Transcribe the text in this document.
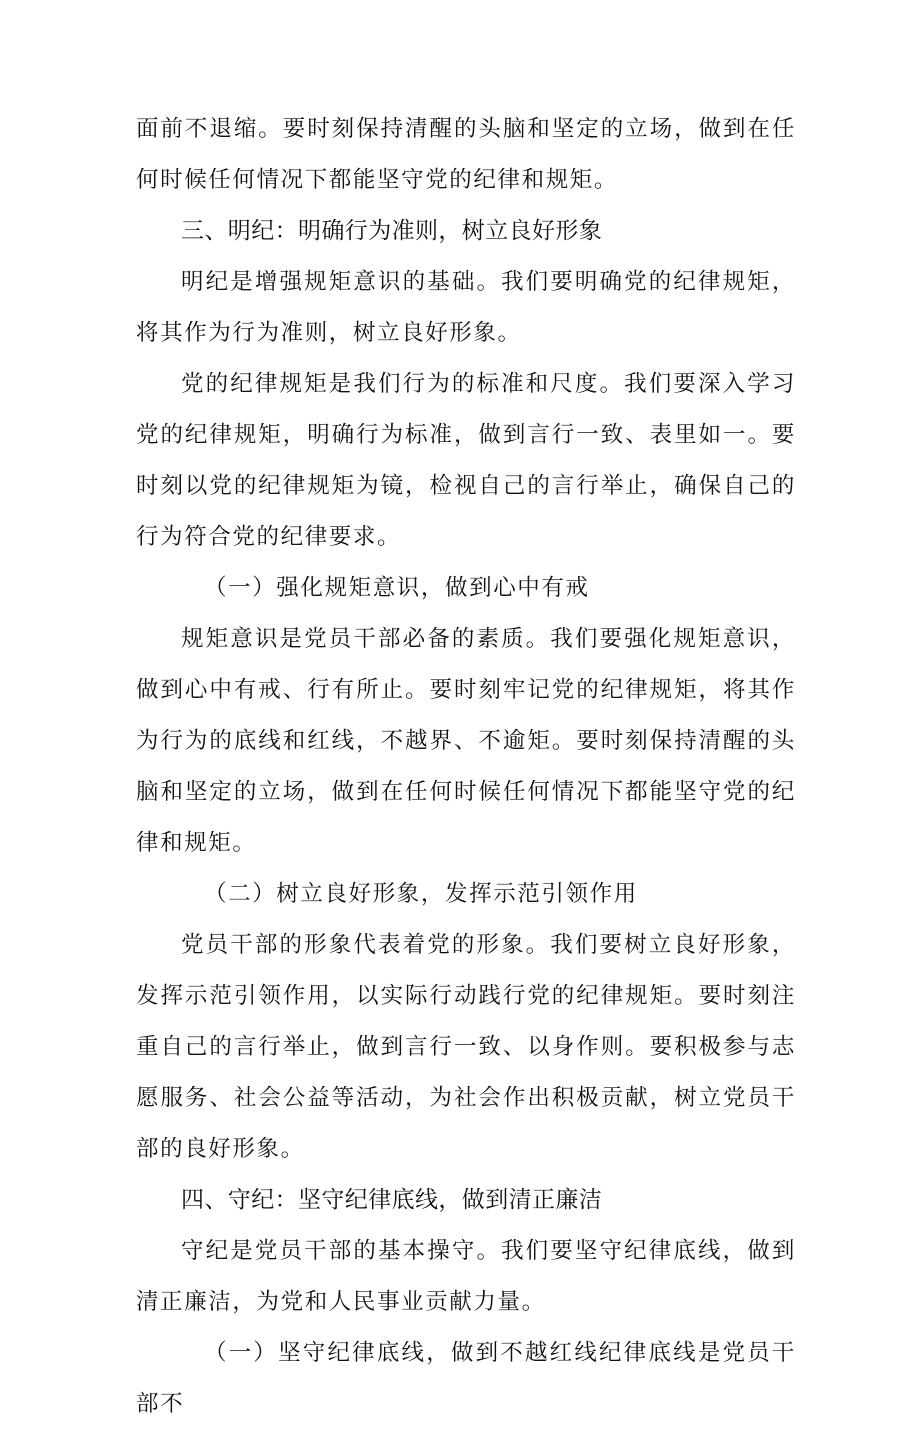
面前不退缩。要时刻保持清醒的头脑和坚定的立场，做到在任何时候任何情况下都能坚守党的纪律和规矩。

三、明纪：明确行为准则，树立良好形象

明纪是增强规矩意识的基础。我们要明确党的纪律规矩，将其作为行为准则，树立良好形象。

党的纪律规矩是我们行为的标准和尺度。我们要深入学习党的纪律规矩，明确行为标准，做到言行一致、表里如一。要时刻以党的纪律规矩为镜，检视自己的言行举止，确保自己的行为符合党的纪律要求。

（一）强化规矩意识，做到心中有戒

规矩意识是党员干部必备的素质。我们要强化规矩意识，做到心中有戒、行有所止。要时刻牢记党的纪律规矩，将其作为行为的底线和红线，不越界、不逾矩。要时刻保持清醒的头脑和坚定的立场，做到在任何时候任何情况下都能坚守党的纪律和规矩。

（二）树立良好形象，发挥示范引领作用

党员干部的形象代表着党的形象。我们要树立良好形象，发挥示范引领作用，以实际行动践行党的纪律规矩。要时刻注重自己的言行举止，做到言行一致、以身作则。要积极参与志愿服务、社会公益等活动，为社会作出积极贡献，树立党员干部的良好形象。

四、守纪：坚守纪律底线，做到清正廉洁

守纪是党员干部的基本操守。我们要坚守纪律底线，做到清正廉洁，为党和人民事业贡献力量。

（一）坚守纪律底线，做到不越红线纪律底线是党员干部不
